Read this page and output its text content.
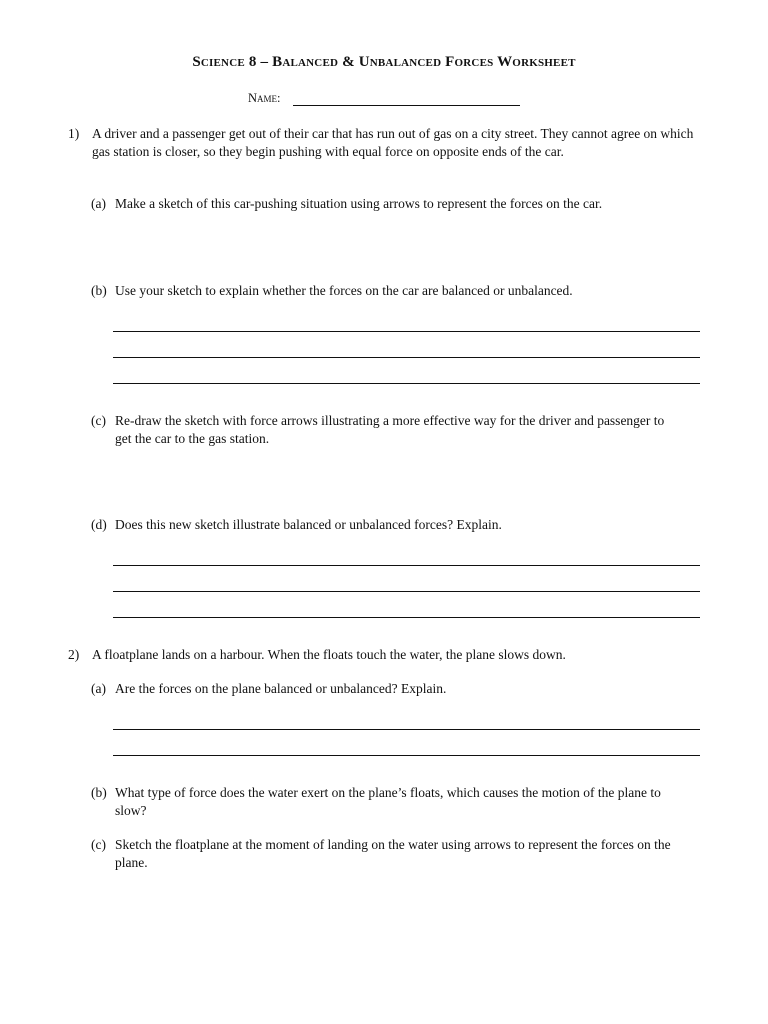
Science 8 – Balanced & Unbalanced Forces Worksheet
Name:
1) A driver and a passenger get out of their car that has run out of gas on a city street. They cannot agree on which gas station is closer, so they begin pushing with equal force on opposite ends of the car.
(a) Make a sketch of this car-pushing situation using arrows to represent the forces on the car.
(b) Use your sketch to explain whether the forces on the car are balanced or unbalanced.
(c) Re-draw the sketch with force arrows illustrating a more effective way for the driver and passenger to get the car to the gas station.
(d) Does this new sketch illustrate balanced or unbalanced forces? Explain.
2) A floatplane lands on a harbour. When the floats touch the water, the plane slows down.
(a) Are the forces on the plane balanced or unbalanced? Explain.
(b) What type of force does the water exert on the plane’s floats, which causes the motion of the plane to slow?
(c) Sketch the floatplane at the moment of landing on the water using arrows to represent the forces on the plane.
